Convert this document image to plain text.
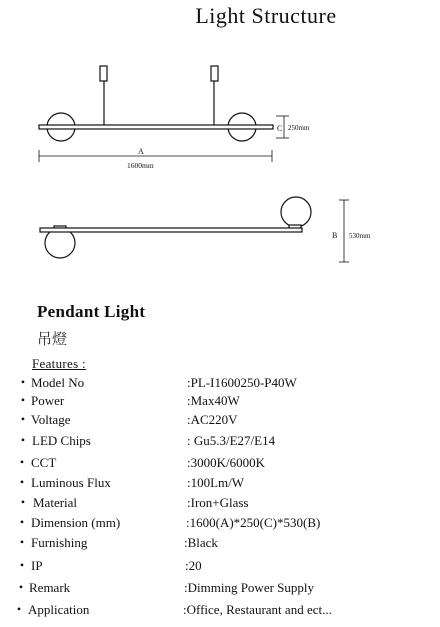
Light Structure
C 250mm
A
1600mm
B 530mm
Pendant Light
吊燈
Features :
• Model No	:PL-I1600250-P40W
• Power	:Max40W
• Voltage	:AC220V
• LED Chips	: Gu5.3/E27/E14
• CCT	:3000K/6000K
• Luminous Flux	:100Lm/W
• Material	:Iron+Glass
• Dimension (mm)	:1600(A)*250(C)*530(B)
• Furnishing	:Black
• IP	:20
• Remark	:Dimming Power Supply
• Application	:Office, Restaurant and ect...
